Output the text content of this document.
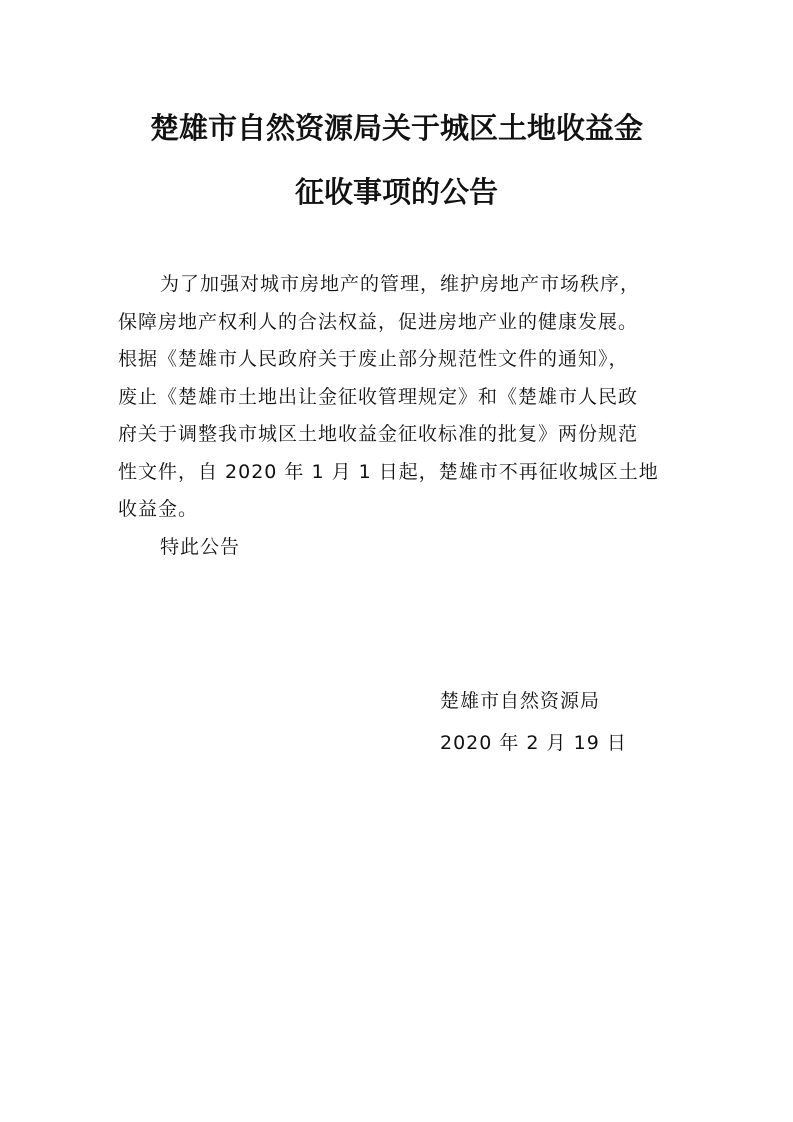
楚雄市自然资源局关于城区土地收益金
征收事项的公告
为了加强对城市房地产的管理，维护房地产市场秩序，
保障房地产权利人的合法权益，促进房地产业的健康发展。
根据《楚雄市人民政府关于废止部分规范性文件的通知》，
废止《楚雄市土地出让金征收管理规定》和《楚雄市人民政
府关于调整我市城区土地收益金征收标准的批复》两份规范
性文件，自 2020 年 1 月 1 日起，楚雄市不再征收城区土地
收益金。
特此公告
楚雄市自然资源局
2020 年 2 月 19 日
